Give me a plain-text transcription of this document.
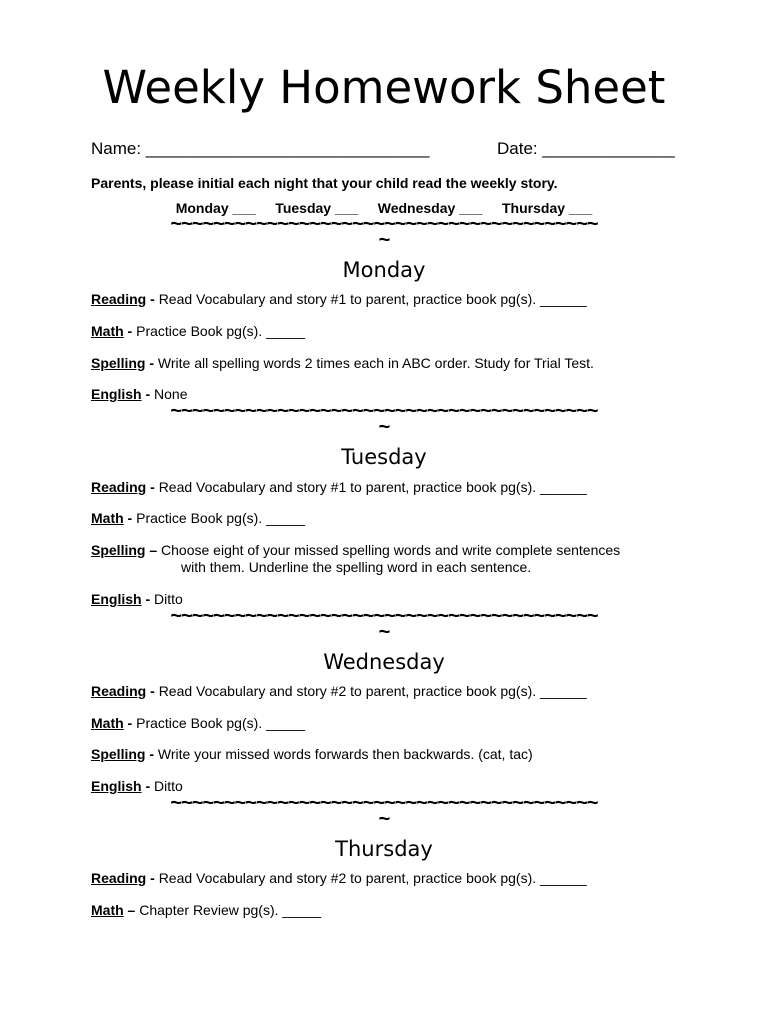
Weekly Homework Sheet
Name: ______________________________	Date: ______________
Parents, please initial each night that your child read the weekly story.
Monday ___     Tuesday ___     Wednesday ___     Thursday ___
~~~~~~~~~~~~~~~~~~~~~~~~~~~~~~~~~~~~~~~~
~
Monday
Reading - Read Vocabulary and story #1 to parent, practice book pg(s). ______
Math - Practice Book pg(s). _____
Spelling - Write all spelling words 2 times each in ABC order. Study for Trial Test.
English - None
~~~~~~~~~~~~~~~~~~~~~~~~~~~~~~~~~~~~~~~~
~
Tuesday
Reading - Read Vocabulary and story #1 to parent, practice book pg(s). ______
Math - Practice Book pg(s). _____
Spelling – Choose eight of your missed spelling words and write complete sentences
with them. Underline the spelling word in each sentence.
English - Ditto
~~~~~~~~~~~~~~~~~~~~~~~~~~~~~~~~~~~~~~~~
~
Wednesday
Reading - Read Vocabulary and story #2 to parent, practice book pg(s). ______
Math - Practice Book pg(s). _____
Spelling - Write your missed words forwards then backwards. (cat, tac)
English - Ditto
~~~~~~~~~~~~~~~~~~~~~~~~~~~~~~~~~~~~~~~~
~
Thursday
Reading - Read Vocabulary and story #2 to parent, practice book pg(s). ______
Math – Chapter Review pg(s). _____
